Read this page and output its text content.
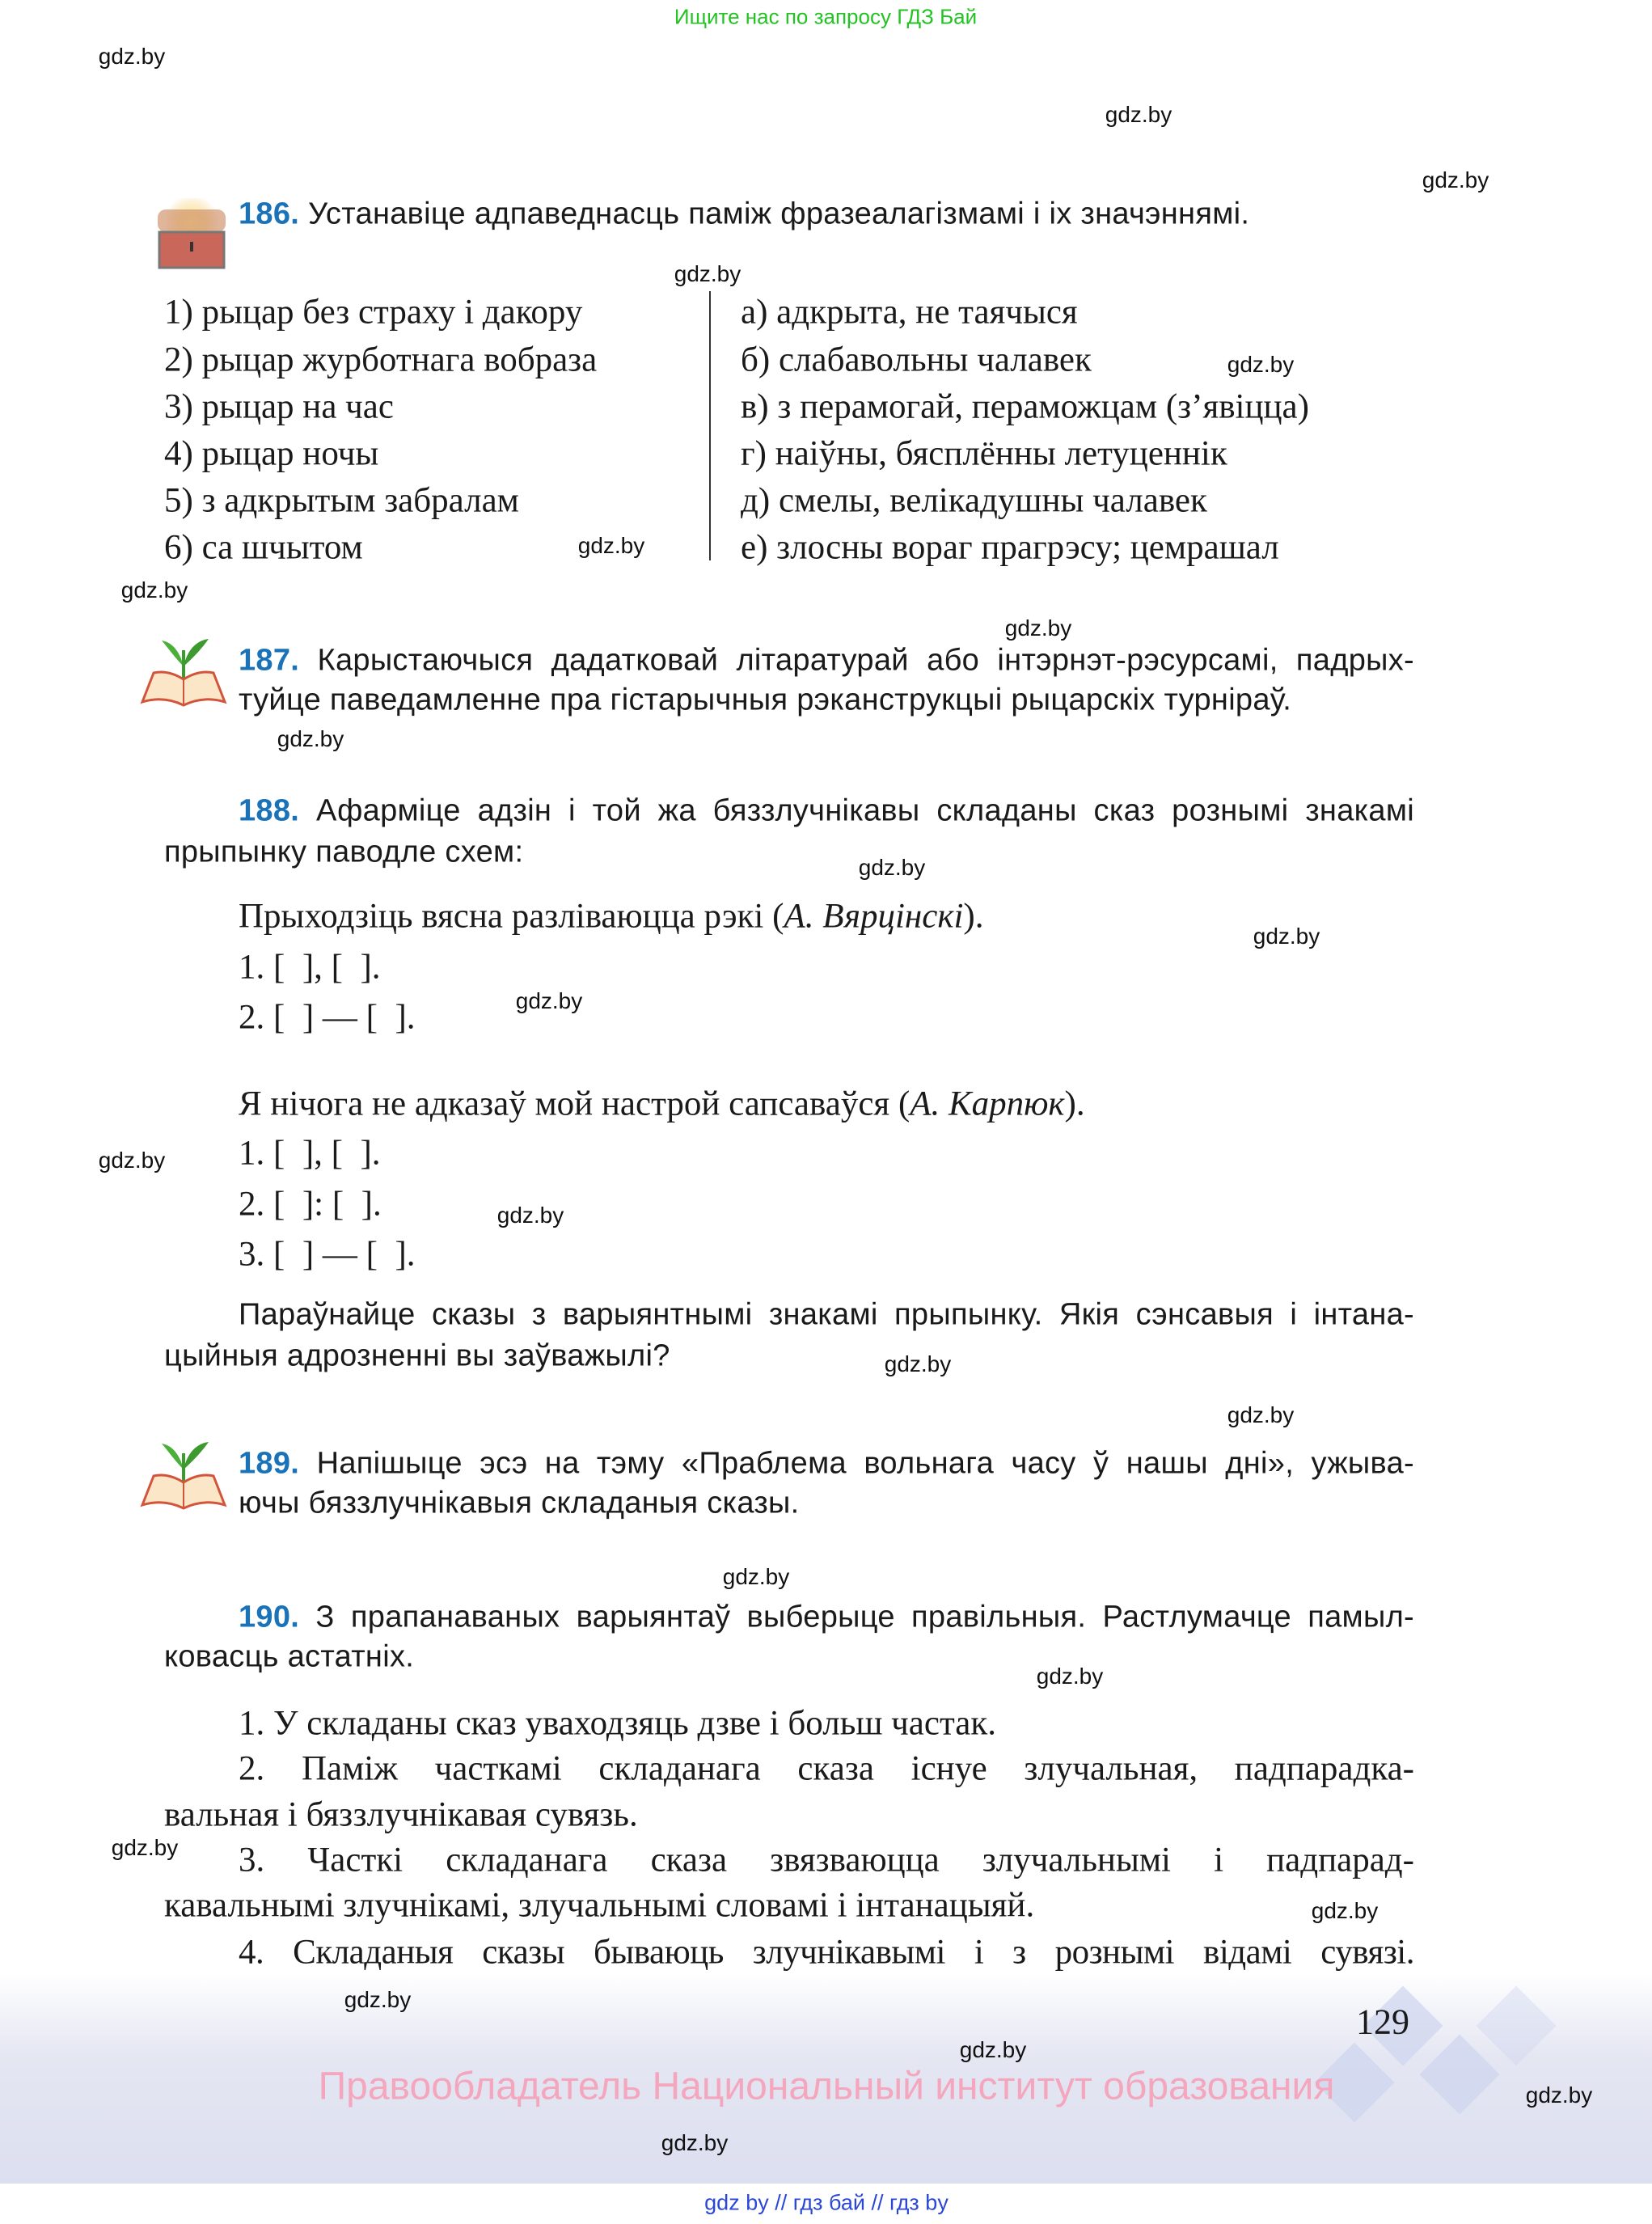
Ищите нас по запросу ГДЗ Бай
186. Устанавіце адпаведнасць паміж фразеалагізмамі і іх значэннямі.
1) рыцар без страху і дакору
2) рыцар журботнага вобраза
3) рыцар на час
4) рыцар ночы
5) з адкрытым забралам
6) са шчытом
а) адкрыта, не таячыся
б) слабавольны чалавек
в) з перамогай, пераможцам (з’явіцца)
г) наіўны, бясплённы летуценнік
д) смелы, велікадушны чалавек
е) злосны вораг прагрэсу; цемрашал
187. Карыстаючыся дадатковай літаратурай або інтэрнэт-рэсурсамі, падрых-
туйце паведамленне пра гістарычныя рэканструкцыі рыцарскіх турніраў.
188. Афарміце адзін і той жа бяззлучнікавы складаны сказ рознымі знакамі
прыпынку паводле схем:
Прыходзіць вясна разліваюцца рэкі (А. Вярцінскі).
1. [  ], [  ].
2. [  ] — [  ].
Я нічога не адказаў мой настрой сапсаваўся (А. Карпюк).
1. [  ], [  ].
2. [  ]: [  ].
3. [  ] — [  ].
Параўнайце сказы з варыянтнымі знакамі прыпынку. Якія сэнсавыя і інтана-
цыйныя адрозненні вы заўважылі?
189. Напішыце эсэ на тэму «Праблема вольнага часу ў нашы дні», ужыва-
ючы бяззлучнікавыя складаныя сказы.
190. З прапанаваных варыянтаў выберыце правільныя. Растлумачце памыл-
ковасць астатніх.
1. У складаны сказ уваходзяць дзве і больш частак.
2. Паміж часткамі складанага сказа існуе злучальная, падпарадка-
вальная і бяззлучнікавая сувязь.
3. Часткі складанага сказа звязваюцца злучальнымі і падпарад-
кавальнымі злучнікамі, злучальнымі словамі і інтанацыяй.
4. Складаныя сказы бываюць злучнікавымі і з рознымі відамі сувязі.
129
Правообладатель Национальный институт образования
gdz by // гдз бай // гдз by
gdz.by
gdz.by
gdz.by
gdz.by
gdz.by
gdz.by
gdz.by
gdz.by
gdz.by
gdz.by
gdz.by
gdz.by
gdz.by
gdz.by
gdz.by
gdz.by
gdz.by
gdz.by
gdz.by
gdz.by
gdz.by
gdz.by
gdz.by
gdz.by
